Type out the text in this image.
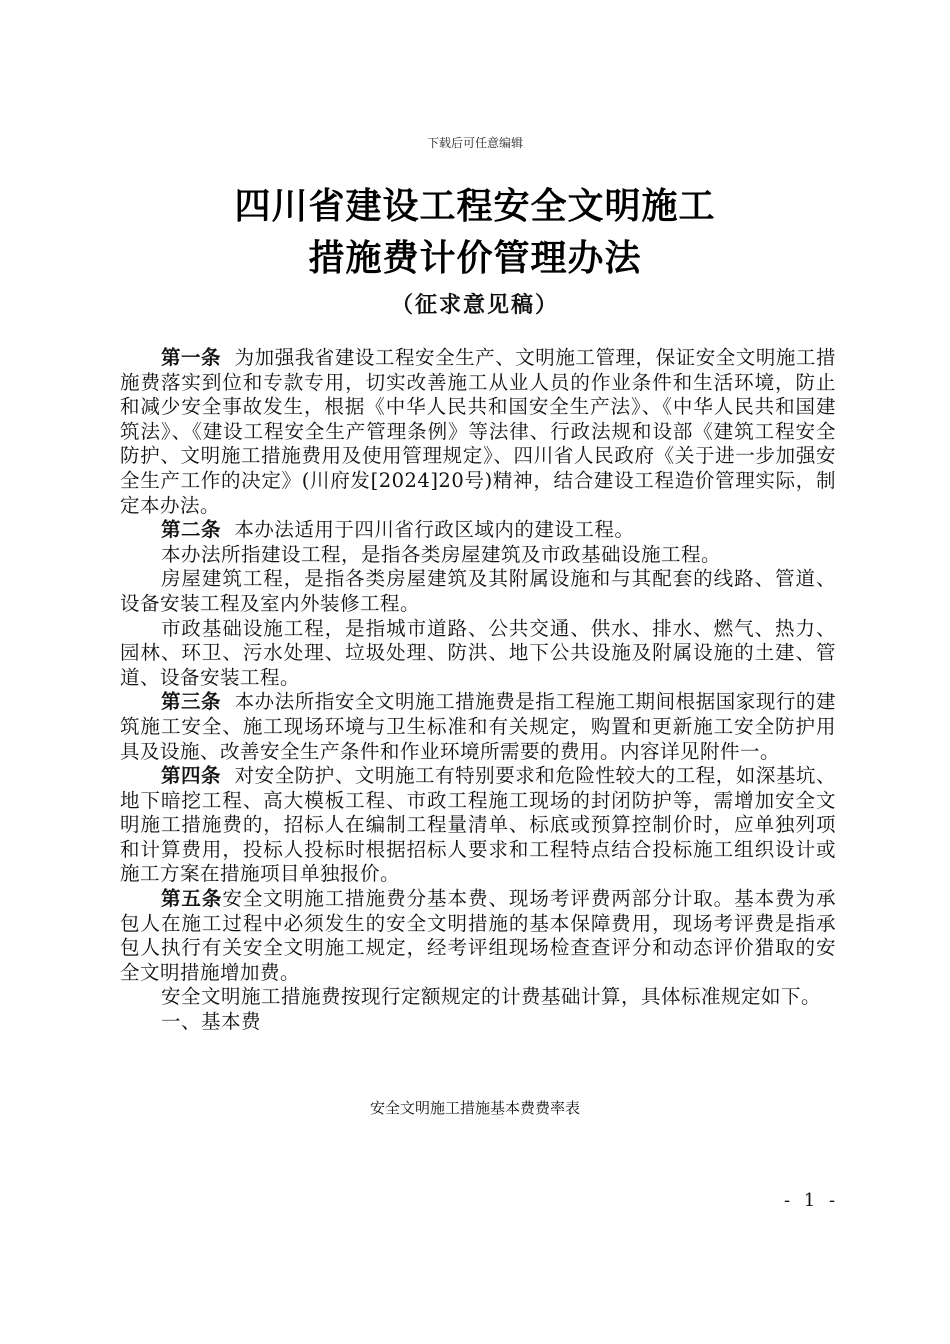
下载后可任意编辑
四川省建设工程安全文明施工
措施费计价管理办法
（征求意见稿）

第一条 为加强我省建设工程安全生产、文明施工管理，保证安全文明施工措施费落实到位和专款专用，切实改善施工从业人员的作业条件和生活环境，防止和减少安全事故发生，根据《中华人民共和国安全生产法》、《中华人民共和国建筑法》、《建设工程安全生产管理条例》等法律、行政法规和设部《建筑工程安全防护、文明施工措施费用及使用管理规定》、四川省人民政府《关于进一步加强安全生产工作的决定》(川府发[2024]20号)精神，结合建设工程造价管理实际，制定本办法。

第二条 本办法适用于四川省行政区域内的建设工程。

本办法所指建设工程，是指各类房屋建筑及市政基础设施工程。

房屋建筑工程，是指各类房屋建筑及其附属设施和与其配套的线路、管道、设备安装工程及室内外装修工程。

市政基础设施工程，是指城市道路、公共交通、供水、排水、燃气、热力、园林、环卫、污水处理、垃圾处理、防洪、地下公共设施及附属设施的土建、管道、设备安装工程。

第三条 本办法所指安全文明施工措施费是指工程施工期间根据国家现行的建筑施工安全、施工现场环境与卫生标准和有关规定，购置和更新施工安全防护用具及设施、改善安全生产条件和作业环境所需要的费用。内容详见附件一。

第四条 对安全防护、文明施工有特别要求和危险性较大的工程，如深基坑、地下暗挖工程、高大模板工程、市政工程施工现场的封闭防护等，需增加安全文明施工措施费的，招标人在编制工程量清单、标底或预算控制价时，应单独列项和计算费用，投标人投标时根据招标人要求和工程特点结合投标施工组织设计或施工方案在措施项目单独报价。

第五条安全文明施工措施费分基本费、现场考评费两部分计取。基本费为承包人在施工过程中必须发生的安全文明措施的基本保障费用，现场考评费是指承包人执行有关安全文明施工规定，经考评组现场检查查评分和动态评价猎取的安全文明措施增加费。

安全文明施工措施费按现行定额规定的计费基础计算，具体标准规定如下。

一、基本费

安全文明施工措施基本费费率表
- 1 -
